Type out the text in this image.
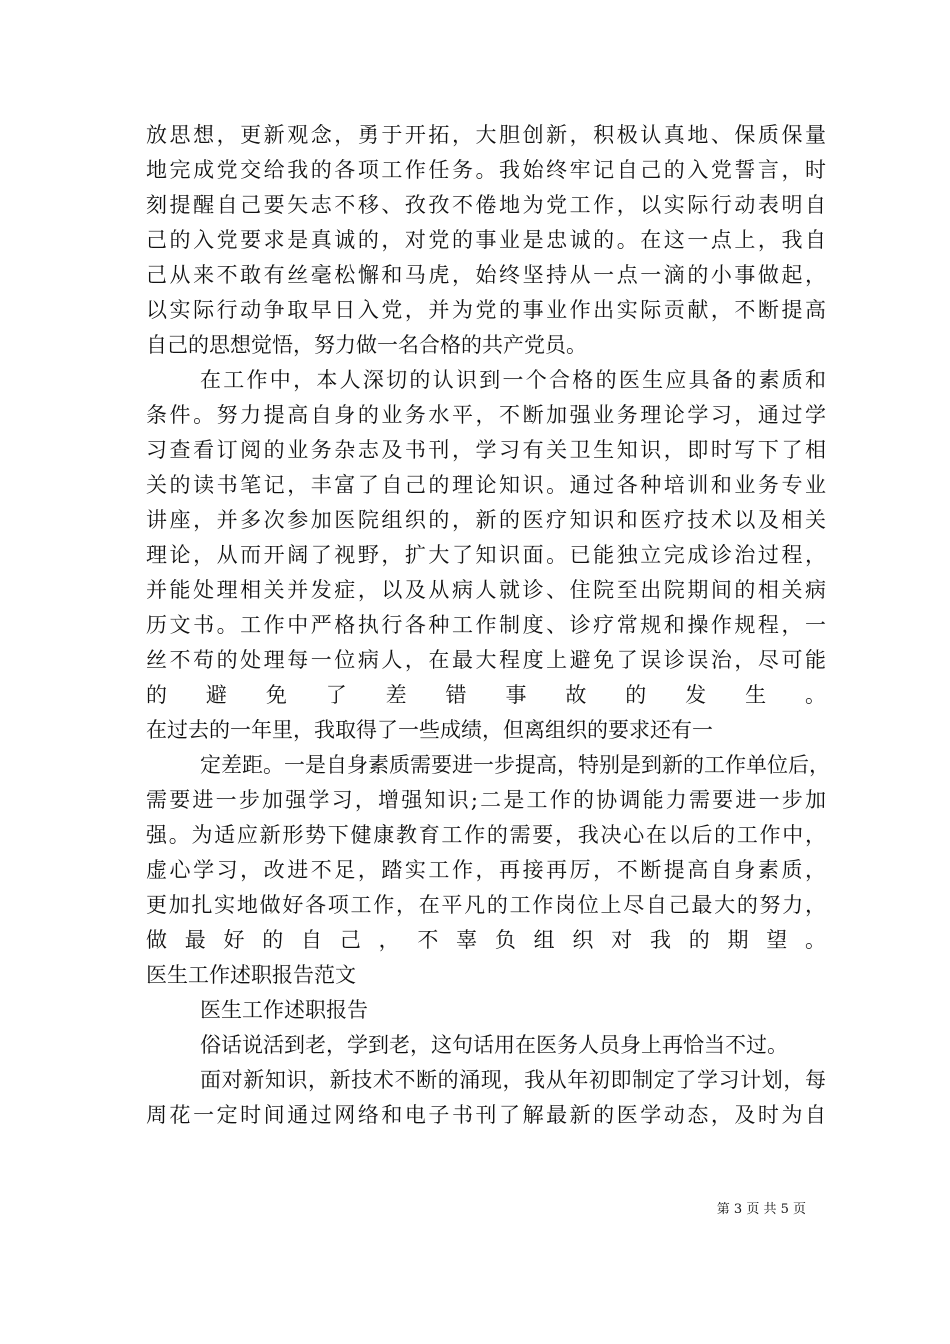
放思想，更新观念，勇于开拓，大胆创新，积极认真地、保质保量
地完成党交给我的各项工作任务。我始终牢记自己的入党誓言，时
刻提醒自己要矢志不移、孜孜不倦地为党工作，以实际行动表明自
己的入党要求是真诚的，对党的事业是忠诚的。在这一点上，我自
己从来不敢有丝毫松懈和马虎，始终坚持从一点一滴的小事做起，
以实际行动争取早日入党，并为党的事业作出实际贡献，不断提高
自己的思想觉悟，努力做一名合格的共产党员。
在工作中，本人深切的认识到一个合格的医生应具备的素质和
条件。努力提高自身的业务水平，不断加强业务理论学习，通过学
习查看订阅的业务杂志及书刊，学习有关卫生知识，即时写下了相
关的读书笔记，丰富了自己的理论知识。通过各种培训和业务专业
讲座，并多次参加医院组织的，新的医疗知识和医疗技术以及相关
理论，从而开阔了视野，扩大了知识面。已能独立完成诊治过程，
并能处理相关并发症，以及从病人就诊、住院至出院期间的相关病
历文书。工作中严格执行各种工作制度、诊疗常规和操作规程，一
丝不苟的处理每一位病人，在最大程度上避免了误诊误治，尽可能
的避免了差错事故的发生。
在过去的一年里，我取得了一些成绩，但离组织的要求还有一
定差距。一是自身素质需要进一步提高，特别是到新的工作单位后，
需要进一步加强学习，增强知识;二是工作的协调能力需要进一步加
强。为适应新形势下健康教育工作的需要，我决心在以后的工作中，
虚心学习，改进不足，踏实工作，再接再厉，不断提高自身素质，
更加扎实地做好各项工作，在平凡的工作岗位上尽自己最大的努力，
做最好的自己，不辜负组织对我的期望。
医生工作述职报告范文
医生工作述职报告
俗话说活到老，学到老，这句话用在医务人员身上再恰当不过。
面对新知识，新技术不断的涌现，我从年初即制定了学习计划，每
周花一定时间通过网络和电子书刊了解最新的医学动态，及时为自
第 3 页 共 5 页
